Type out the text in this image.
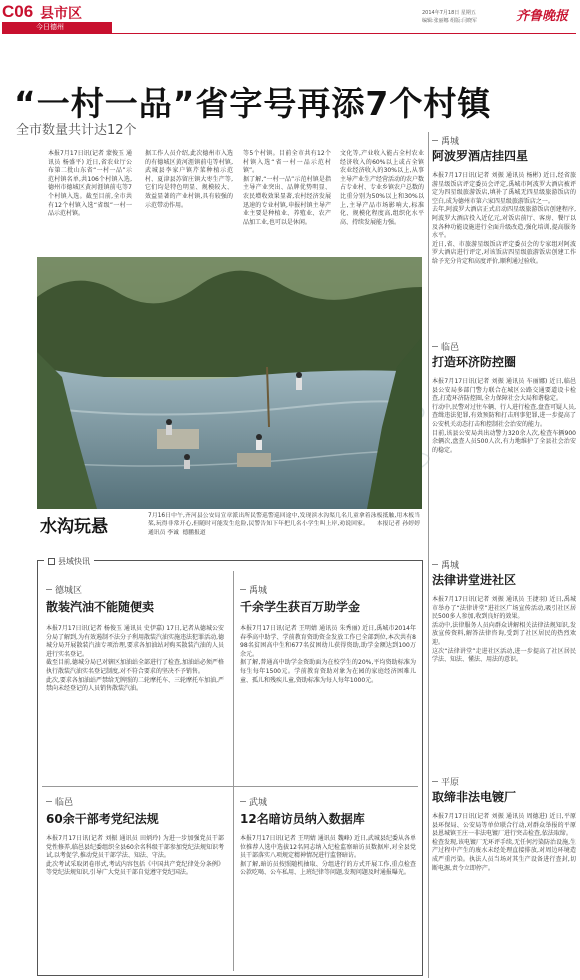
C06 县市区
今日德州
2014年7月18日 星期五
编辑:张丽娜 组版:闫晓军	齐鲁晚报
“一村一品”省字号再添7个村镇
全市数量共计达12个
本报7月17日讯(记者 蒙俊玉 通讯员 杨盛平) 近日,省农业厅公布第二批山东省“一村一品”示范村镇名单,共106个村镇入选,德州市德城区黄河涯镇前屯等7个村镇入选。截至目前,全市共有12个村镇入选“省级”一村一品示范村镇。
据工作人员介绍,此次德州市入选的有德城区黄河涯镇前屯等村镇,武城县李家户镇芹菜种植示范村、夏津县苏留庄镇大枣生产等,它们均是特色明显、规模较大、效益显著的产业村镇,具有较强的示范带动作用。
等5个村镇。目前全市共有12个村镇入选“省一村一品示范村镇”。
据了解,“一村一品”示范村镇是指主导产业突出、品牌优势明显、农民增收效果显著,农村经济发展迅速的专业村镇,申报村镇主导产业主要是种植业、养殖业、农产品加工业,也可以是休闲。
文化等,产业收入能占全村农业经济收入的60%以上或占全镇农业经济收入的30%以上,从事主导产业生产经营活动的农户数占专业村、专业乡镇农户总数的比重分别为50%以上和30%以上,主导产品市场影响大,标准化、规模化程度高,组织化水平高、持续发展能力强。
水沟玩悬
7月16日中午,齐河县公安局宣章派出所民警巡警巡回途中,发现滨水沟渠几名儿童拿着泳板抵触,用木板当桨,玩得非常开心,但随时可能发生危险,民警告知下年把几名小学生叫上岸,劝说回家。    本报记者 孙婷婷  通讯员 李诚  德鹏报道
禹城
阿波罗酒店挂四星
本报7月17日讯(记者 刘振 通讯员 杨彬) 近日,经省旅游星级饭店评定委员会评定,禹城市阿波罗大酒店被评定为四星级旅游饭店,填补了禹城无四星级旅游饭店的空白,成为德州市第六家四星级旅游饭店之一。
去年,阿波罗大酒店正式启动四星级旅游饭店创建程序,阿波罗大酒店投入近亿元,对饭店前厅、客房、餐厅以及各种功能设施进行全面升级改造,强化培训,提高服务水平。
近日,省、市旅游星级饭店评定委员会的专家组对阿波罗大酒店进行评定,对该饭店四星级旅游饭店创建工作给予充分肯定和高度评价,顺利通过验收。
临邑
打造环济防控圈
本报7月17日讯(记者 刘振 通讯员 车丽娜) 近日,临邑县公安局多部门警力联合在城区公路交通要道设卡检查,打造环济防控圈,全力保障社会大局和谐稳定。
行动中,民警对过往车辆、行人进行检查,盘查可疑人员,查缉违法犯罪,有效预防和打击刑事犯罪,进一步提高了公安机关动态打击和控制社会治安的能力。
目前,该县公安局共出动警力320余人次,检查车辆900余辆次,盘查人员500人次,有力地维护了全县社会治安的稳定。
禹城
法律讲堂进社区
本报7月17日讯(记者 刘振 通讯员 王捷羽) 近日,禹城市举办了“法律讲堂”进社区广场宣传活动,吸引社区居民500多人参加,收到良好的效果。
活动中,法律服务人员向群众讲解相关法律法规知识,发放宣传资料,解答法律咨询,受到了社区居民的热烈欢迎。
这次“法律讲堂”走进社区活动,进一步提高了社区居民学法、知法、懂法、用法的意识。
平原
取缔非法电镀厂
本报7月17日讯(记者 刘振 通讯员 周德进) 近日,平原县环保局、公安局等单位联合行动,对群众举报的平原县恩城镇王庄一非法电镀厂进行突击检查,依法取缔。
检查发现,该电镀厂无环评手续,无任何污染防治设施,生产过程中产生的废水未经处理直接排放,对周边环境造成严重污染。执法人员当场对其生产设备进行查封,切断电源,责令立即停产。
县域快讯
德城区
散装汽油不能随便卖
本报7月17日讯(记者 杨俊玉 通讯员 史伊嘉) 17日,记者从德城公安分局了解到,为有效遏制不法分子利用散装汽油实施违法犯罪活动,德城分局开展散装汽油专项治理,要求各加油站对购买散装汽油的人员进行实名登记。
截至目前,德城分局已对辖区加油站全部进行了检查,加油站必须严格执行散装汽油实名登记制度,对不符合要求的坚决不予销售。
此次,要求各加油站严禁给无牌照的二轮摩托车、三轮摩托车加油,严禁向未经登记的人员销售散装汽油。
禹城
千余学生获百万助学金
本报7月17日讯(记者 王明婧 通讯员 朱秀丽) 近日,禹城市2014年春季高中助学、学前教育资助资金发放工作已全部到位,本次共有898名贫困高中生和677名贫困幼儿获得资助,助学金额达到100万余元。
据了解,普通高中助学金资助面为在校学生的20%,平均资助标准为每生每年1500元。学前教育资助对象为在园的家庭经济困难儿童、孤儿和残疾儿童,资助标准为每人每年1000元。
临邑
60余干部考党纪法规
本报7月17日讯(记者 刘振 通讯员 田炳玲) 为进一步加强党员干部党性修养,临邑县纪委组织全县60余名科级干部参加党纪法规知识考试,以考促学,推动党员干部学法、知法、守法。
此次考试采取闭卷形式,考试内容包括《中国共产党纪律处分条例》等党纪法规知识,引导广大党员干部自觉遵守党纪国法。
武城
12名暗访员纳入数据库
本报7月17日讯(记者 王明婧 通讯员 魏峰) 近日,武城县纪委从各单位推荐人选中选拔12名同志纳入纪检监察暗访员数据库,对全县党员干部落实八项规定精神情况进行监督暗访。
据了解,暗访员按照随机抽取、分组进行的方式开展工作,重点检查公款吃喝、公车私用、上班纪律等问题,发现问题及时通报曝光。
